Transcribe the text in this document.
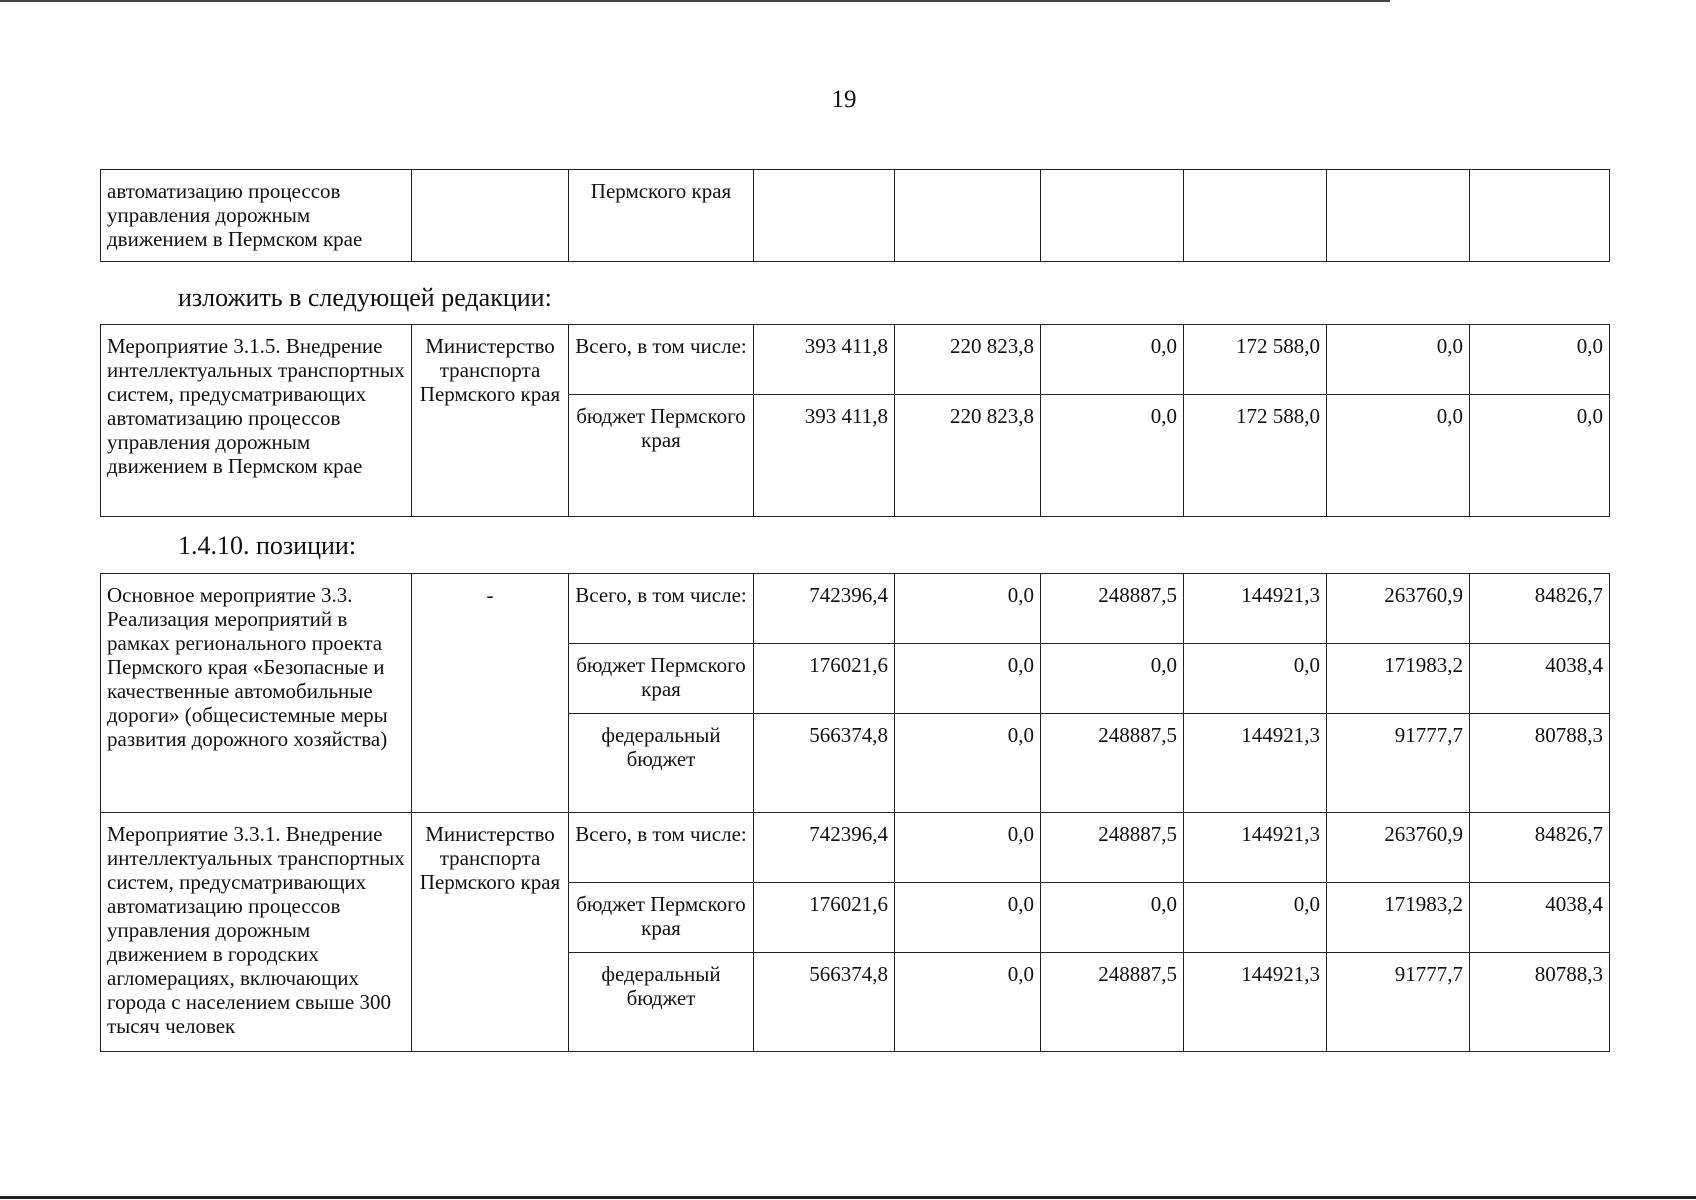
19
автоматизацию процессов управления дорожным движением в Пермском крае		Пермского края						
изложить в следующей редакции:
Мероприятие 3.1.5. Внедрение интеллектуальных транспортных систем, предусматривающих автоматизацию процессов управления дорожным движением в Пермском крае	Министерство транспорта Пермского края	Всего, в том числе:	393 411,8	220 823,8	0,0	172 588,0	0,0	0,0
		бюджет Пермского края	393 411,8	220 823,8	0,0	172 588,0	0,0	0,0
1.4.10. позиции:
Основное мероприятие 3.3. Реализация мероприятий в рамках регионального проекта Пермского края «Безопасные и качественные автомобильные дороги» (общесистемные меры развития дорожного хозяйства)	-	Всего, в том числе:	742396,4	0,0	248887,5	144921,3	263760,9	84826,7
		бюджет Пермского края	176021,6	0,0	0,0	0,0	171983,2	4038,4
		федеральный бюджет	566374,8	0,0	248887,5	144921,3	91777,7	80788,3
Мероприятие 3.3.1. Внедрение интеллектуальных транспортных систем, предусматривающих автоматизацию процессов управления дорожным движением в городских агломерациях, включающих города с населением свыше 300 тысяч человек	Министерство транспорта Пермского края	Всего, в том числе:	742396,4	0,0	248887,5	144921,3	263760,9	84826,7
		бюджет Пермского края	176021,6	0,0	0,0	0,0	171983,2	4038,4
		федеральный бюджет	566374,8	0,0	248887,5	144921,3	91777,7	80788,3
